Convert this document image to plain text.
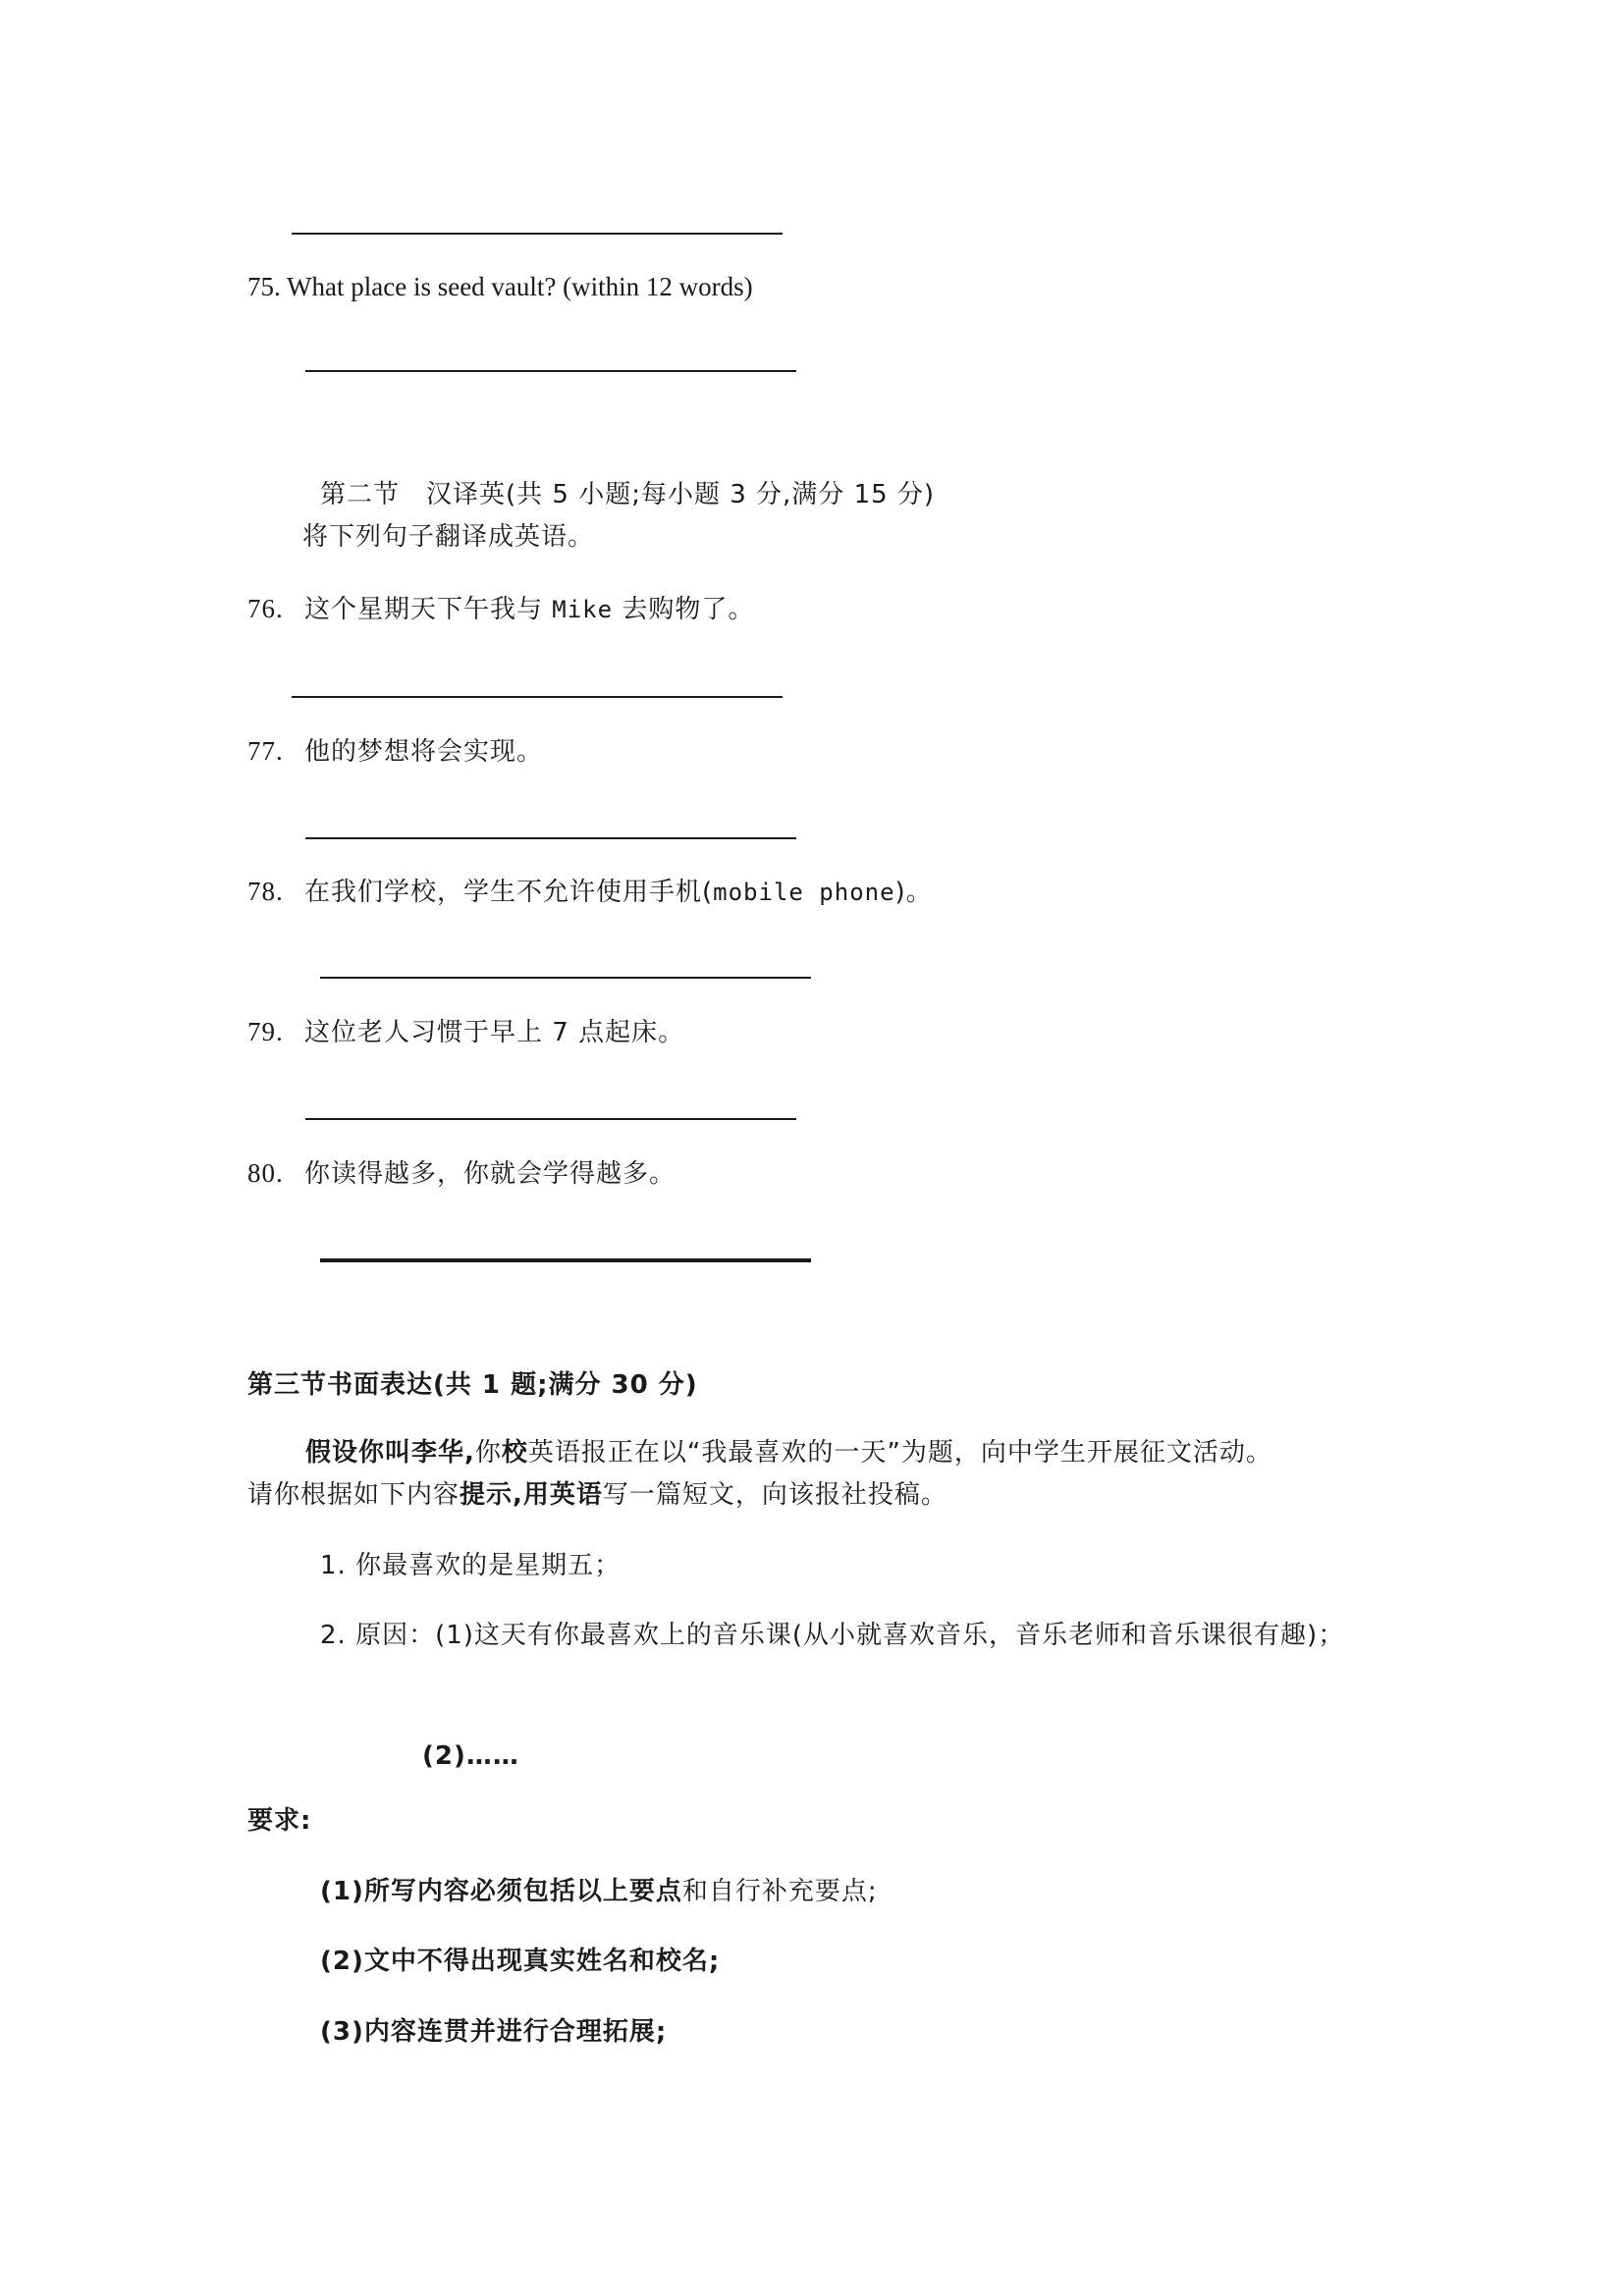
75. What place is seed vault? (within 12 words)
第二节　汉译英(共 5 小题;每小题 3 分,满分 15 分)
将下列句子翻译成英语。
76. 这个星期天下午我与 Mike 去购物了。
77. 他的梦想将会实现。
78. 在我们学校，学生不允许使用手机(mobile phone)。
79. 这位老人习惯于早上 7 点起床。
80. 你读得越多，你就会学得越多。
第三节书面表达(共 1 题;满分 30 分)
假设你叫李华,你校英语报正在以“我最喜欢的一天”为题，向中学生开展征文活动。
请你根据如下内容提示,用英语写一篇短文，向该报社投稿。
1. 你最喜欢的是星期五；
2. 原因：(1)这天有你最喜欢上的音乐课(从小就喜欢音乐，音乐老师和音乐课很有趣)；
(2)……
要求:
(1)所写内容必须包括以上要点和自行补充要点;
(2)文中不得出现真实姓名和校名;
(3)内容连贯并进行合理拓展;
